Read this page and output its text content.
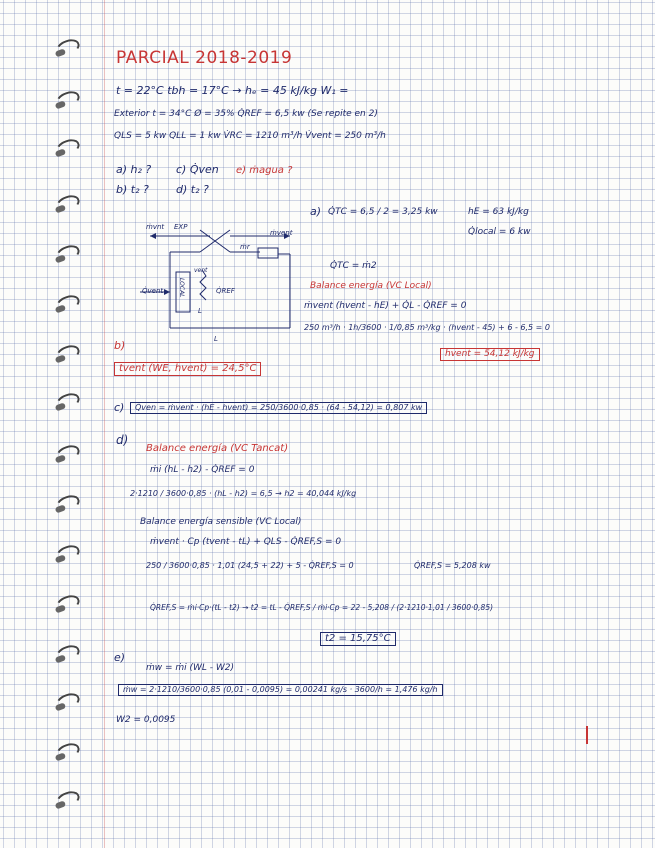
PARCIAL 2018-2019
t = 22°C tbh = 17°C → hₑ = 45 kJ/kg W₁ =
Exterior t = 34°C Ø = 35% Q̇REF = 6,5 kw (Se repite en 2)
QLS = 5 kw QLL = 1 kw V̇RC = 1210 m³/h V̇vent = 250 m³/h
a) h₂ ? c) Q̇ven e) ṁagua ?
b) t₂ ? d) t₂ ?
ṁvnt EXP
ṁvent
ṁr
Q̇vent	Q̇REF
vent
LOCAL
L
L
a) Q̇TC = 6,5 / 2 = 3,25 kw	hE = 63 kJ/kg
Q̇local = 6 kw
Q̇TC = ṁ2
Balance energía (VC Local)
ṁvent (hvent - hE) + Q̇L - Q̇REF = 0
250 m³/h · 1h/3600 · 1/0,85 m³/kg · (hvent - 45) + 6 - 6,5 = 0
hvent = 54,12 kJ/kg
b)
tvent (WE, hvent) = 24,5°C
c)	Q̇ven = ṁvent · (hE - hvent) = 250/3600·0,85 · (64 - 54,12) = 0,807 kw
d)
Balance energía (VC Tancat)
ṁi (hL - h2) - Q̇REF = 0
2·1210 / 3600·0,85 · (hL - h2) = 6,5 → h2 = 40,044 kJ/kg
Balance energía sensible (VC Local)
ṁvent · Cp (tvent - tL) + QLS - Q̇REF,S = 0
250 / 3600·0,85 · 1,01 (24,5 + 22) + 5 - Q̇REF,S = 0	Q̇REF,S = 5,208 kw
Q̇REF,S = ṁi·Cp·(tL - t2) → t2 = tL - Q̇REF,S / ṁi·Cp = 22 - 5,208 / (2·1210·1,01 / 3600·0,85)
t2 = 15,75°C
e)
ṁw = ṁi (WL - W2)
ṁw = 2·1210/3600·0,85 (0,01 - 0,0095) = 0,00241 kg/s · 3600/h = 1,476 kg/h
W2 = 0,0095
